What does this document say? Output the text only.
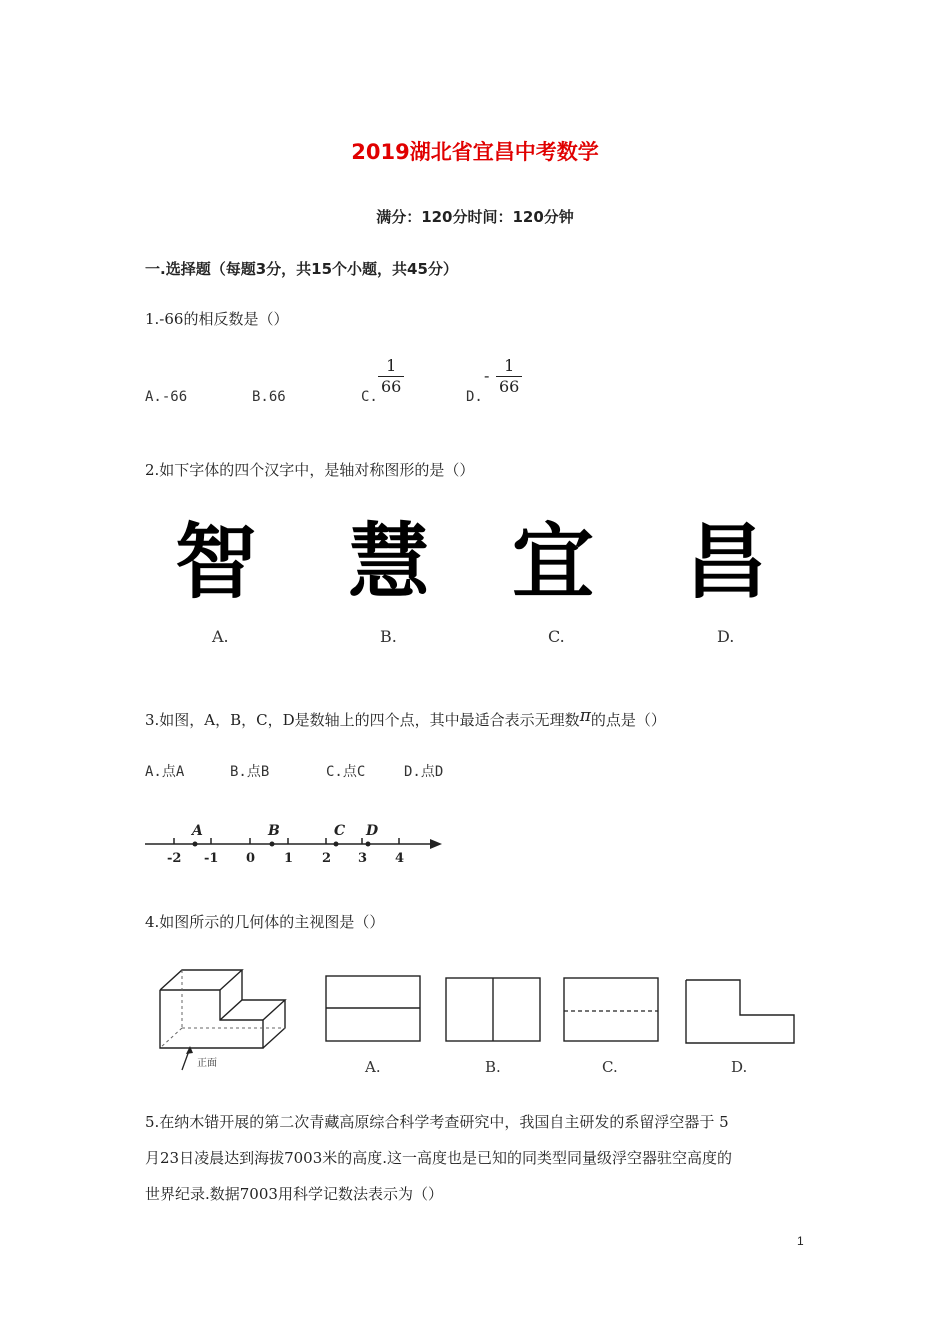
2019湖北省宜昌中考数学
满分：120分时间：120分钟
一.选择题（每题3分，共15个小题，共45分）
1.-66的相反数是（）
A.-66	B.66	C. $\frac{1}{66}$	D.
- $\frac{1}{66}$
2.如下字体的四个汉字中，是轴对称图形的是（）
智 慧 宜 昌
A.	B.	C.	D.
3.如图，A，B，C，D是数轴上的四个点，其中最适合表示无理数π的点是（）
A.点A	B.点B	C.点C	D.点D
-2 -1 0 1 2 3 4
A	B	C D
4.如图所示的几何体的主视图是（）
正面	A.	B.	C.	D.
5.在纳木错开展的第二次青藏高原综合科学考查研究中，我国自主研发的系留浮空器于 5
月23日凌晨达到海拔7003米的高度.这一高度也是已知的同类型同量级浮空器驻空高度的
世界纪录.数据7003用科学记数法表示为（）
1
